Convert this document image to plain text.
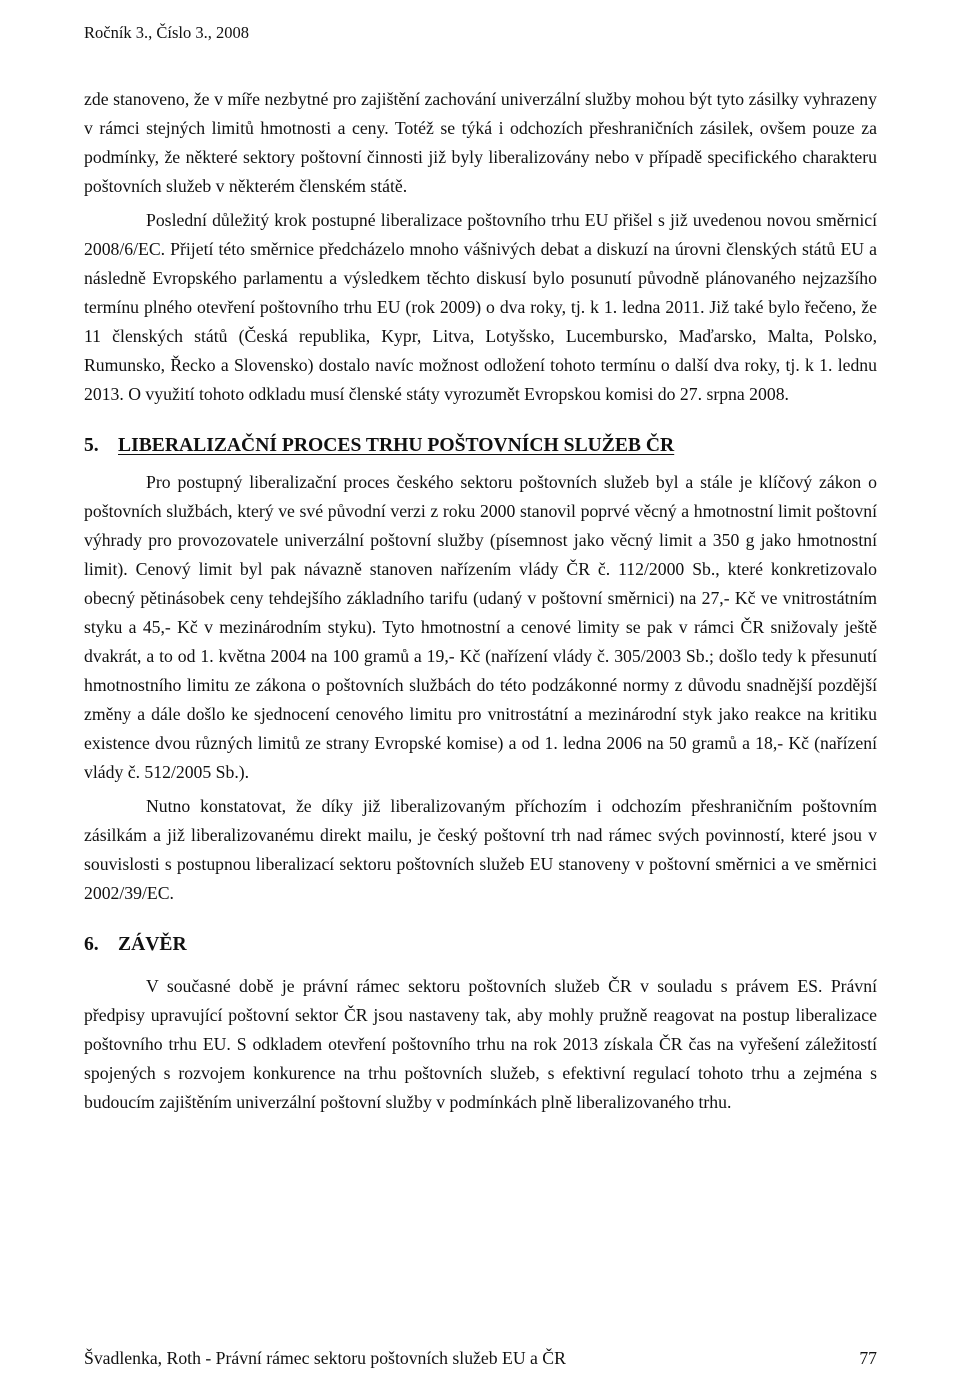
Ročník 3., Číslo 3., 2008

zde stanoveno, že v míře nezbytné pro zajištění zachování univerzální služby mohou být tyto zásilky vyhrazeny v rámci stejných limitů hmotnosti a ceny. Totéž se týká i odchozích přeshraničních zásilek, ovšem pouze za podmínky, že některé sektory poštovní činnosti již byly liberalizovány nebo v případě specifického charakteru poštovních služeb v některém členském státě.

Poslední důležitý krok postupné liberalizace poštovního trhu EU přišel s již uvedenou novou směrnicí 2008/6/EC. Přijetí této směrnice předcházelo mnoho vášnivých debat a diskuzí na úrovni členských států EU a následně Evropského parlamentu a výsledkem těchto diskusí bylo posunutí původně plánovaného nejzazšího termínu plného otevření poštovního trhu EU (rok 2009) o dva roky, tj. k 1. ledna 2011. Již také bylo řečeno, že 11 členských států (Česká republika, Kypr, Litva, Lotyšsko, Lucembursko, Maďarsko, Malta, Polsko, Rumunsko, Řecko a Slovensko) dostalo navíc možnost odložení tohoto termínu o další dva roky, tj. k 1. lednu 2013. O využití tohoto odkladu musí členské státy vyrozumět Evropskou komisi do 27. srpna 2008.

5. LIBERALIZAČNÍ PROCES TRHU POŠTOVNÍCH SLUŽEB ČR

Pro postupný liberalizační proces českého sektoru poštovních služeb byl a stále je klíčový zákon o poštovních službách, který ve své původní verzi z roku 2000 stanovil poprvé věcný a hmotnostní limit poštovní výhrady pro provozovatele univerzální poštovní služby (písemnost jako věcný limit a 350 g jako hmotnostní limit). Cenový limit byl pak návazně stanoven nařízením vlády ČR č. 112/2000 Sb., které konkretizovalo obecný pětinásobek ceny tehdejšího základního tarifu (udaný v poštovní směrnici) na 27,- Kč ve vnitrostátním styku a 45,- Kč v mezinárodním styku). Tyto hmotnostní a cenové limity se pak v rámci ČR snižovaly ještě dvakrát, a to od 1. května 2004 na 100 gramů a 19,- Kč (nařízení vlády č. 305/2003 Sb.; došlo tedy k přesunutí hmotnostního limitu ze zákona o poštovních službách do této podzákonné normy z důvodu snadnější pozdější změny a dále došlo ke sjednocení cenového limitu pro vnitrostátní a mezinárodní styk jako reakce na kritiku existence dvou různých limitů ze strany Evropské komise) a od 1. ledna 2006 na 50 gramů a 18,- Kč (nařízení vlády č. 512/2005 Sb.).

Nutno konstatovat, že díky již liberalizovaným příchozím i odchozím přeshraničním poštovním zásilkám a již liberalizovanému direkt mailu, je český poštovní trh nad rámec svých povinností, které jsou v souvislosti s postupnou liberalizací sektoru poštovních služeb EU stanoveny v poštovní směrnici a ve směrnici 2002/39/EC.

6. ZÁVĚR

V současné době je právní rámec sektoru poštovních služeb ČR v souladu s právem ES. Právní předpisy upravující poštovní sektor ČR jsou nastaveny tak, aby mohly pružně reagovat na postup liberalizace poštovního trhu EU. S odkladem otevření poštovního trhu na rok 2013 získala ČR čas na vyřešení záležitostí spojených s rozvojem konkurence na trhu poštovních služeb, s efektivní regulací tohoto trhu a zejména s budoucím zajištěním univerzální poštovní služby v podmínkách plně liberalizovaného trhu.

Švadlenka, Roth - Právní rámec sektoru poštovních služeb EU a ČR	77
